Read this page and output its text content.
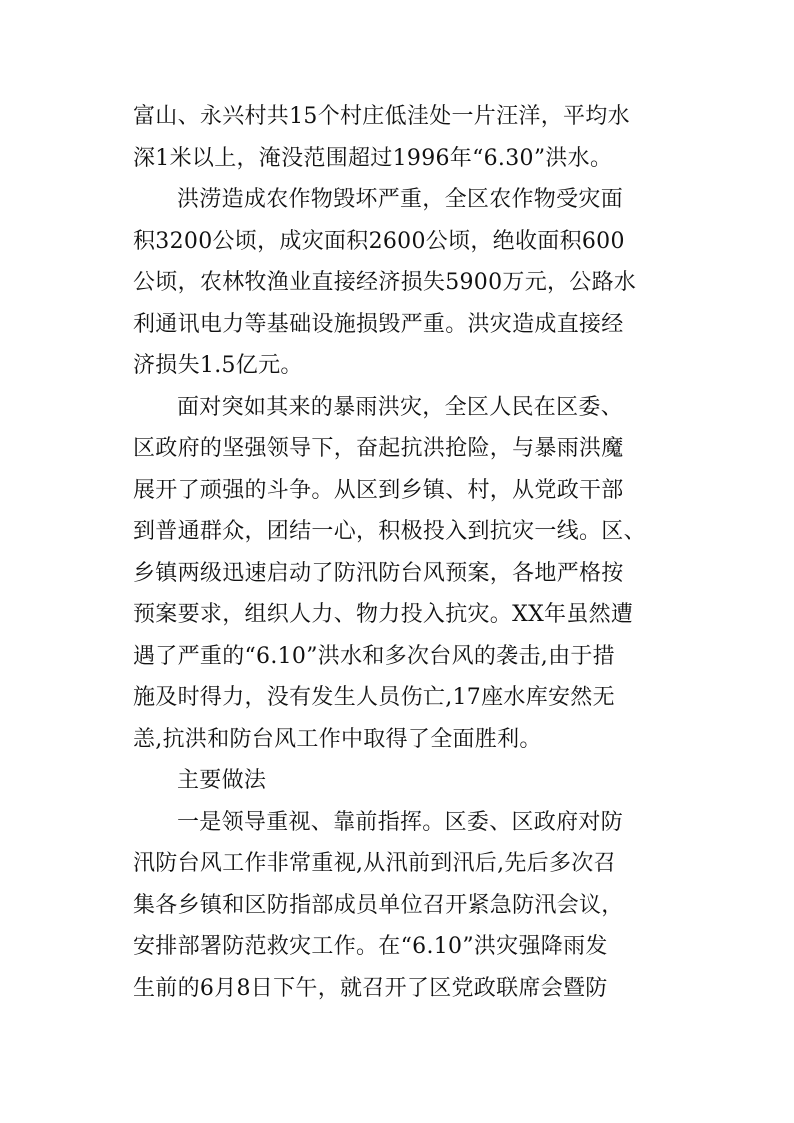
富山、永兴村共15个村庄低洼处一片汪洋，平均水
深1米以上，淹没范围超过1996年“6.30”洪水。
洪涝造成农作物毁坏严重，全区农作物受灾面
积3200公顷，成灾面积2600公顷，绝收面积600
公顷，农林牧渔业直接经济损失5900万元，公路水
利通讯电力等基础设施损毁严重。洪灾造成直接经
济损失1.5亿元。
面对突如其来的暴雨洪灾，全区人民在区委、
区政府的坚强领导下，奋起抗洪抢险，与暴雨洪魔
展开了顽强的斗争。从区到乡镇、村，从党政干部
到普通群众，团结一心，积极投入到抗灾一线。区、
乡镇两级迅速启动了防汛防台风预案，各地严格按
预案要求，组织人力、物力投入抗灾。XX年虽然遭
遇了严重的“6.10”洪水和多次台风的袭击,由于措
施及时得力，没有发生人员伤亡,17座水库安然无
恙,抗洪和防台风工作中取得了全面胜利。
主要做法
一是领导重视、靠前指挥。区委、区政府对防
汛防台风工作非常重视,从汛前到汛后,先后多次召
集各乡镇和区防指部成员单位召开紧急防汛会议，
安排部署防范救灾工作。在“6.10”洪灾强降雨发
生前的6月8日下午，就召开了区党政联席会暨防
